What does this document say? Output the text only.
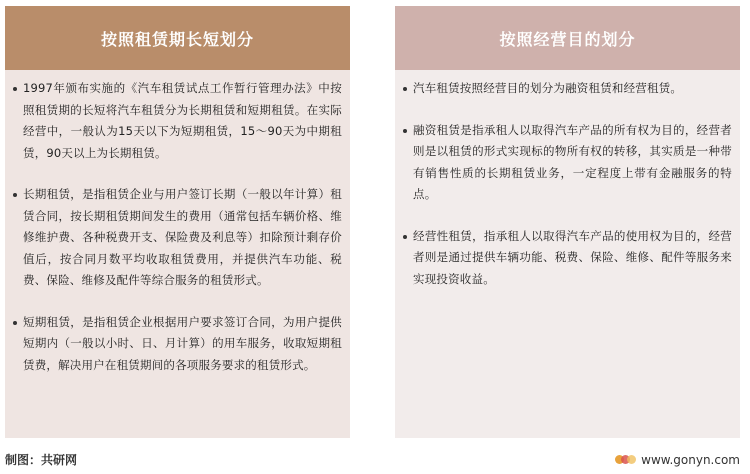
按照租赁期长短划分
1997年颁布实施的《汽车租赁试点工作暂行管理办法》中按照租赁期的长短将汽车租赁分为长期租赁和短期租赁。在实际经营中，一般认为15天以下为短期租赁，15～90天为中期租赁，90天以上为长期租赁。
长期租赁，是指租赁企业与用户签订长期（一般以年计算）租赁合同，按长期租赁期间发生的费用（通常包括车辆价格、维修维护费、各种税费开支、保险费及利息等）扣除预计剩存价值后，按合同月数平均收取租赁费用，并提供汽车功能、税费、保险、维修及配件等综合服务的租赁形式。
短期租赁，是指租赁企业根据用户要求签订合同，为用户提供短期内（一般以小时、日、月计算）的用车服务，收取短期租赁费，解决用户在租赁期间的各项服务要求的租赁形式。
按照经营目的划分
汽车租赁按照经营目的划分为融资租赁和经营租赁。
融资租赁是指承租人以取得汽车产品的所有权为目的，经营者则是以租赁的形式实现标的物所有权的转移，其实质是一种带有销售性质的长期租赁业务，一定程度上带有金融服务的特点。
经营性租赁，指承租人以取得汽车产品的使用权为目的，经营者则是通过提供车辆功能、税费、保险、维修、配件等服务来实现投资收益。
制图：共研网	www.gonyn.com
